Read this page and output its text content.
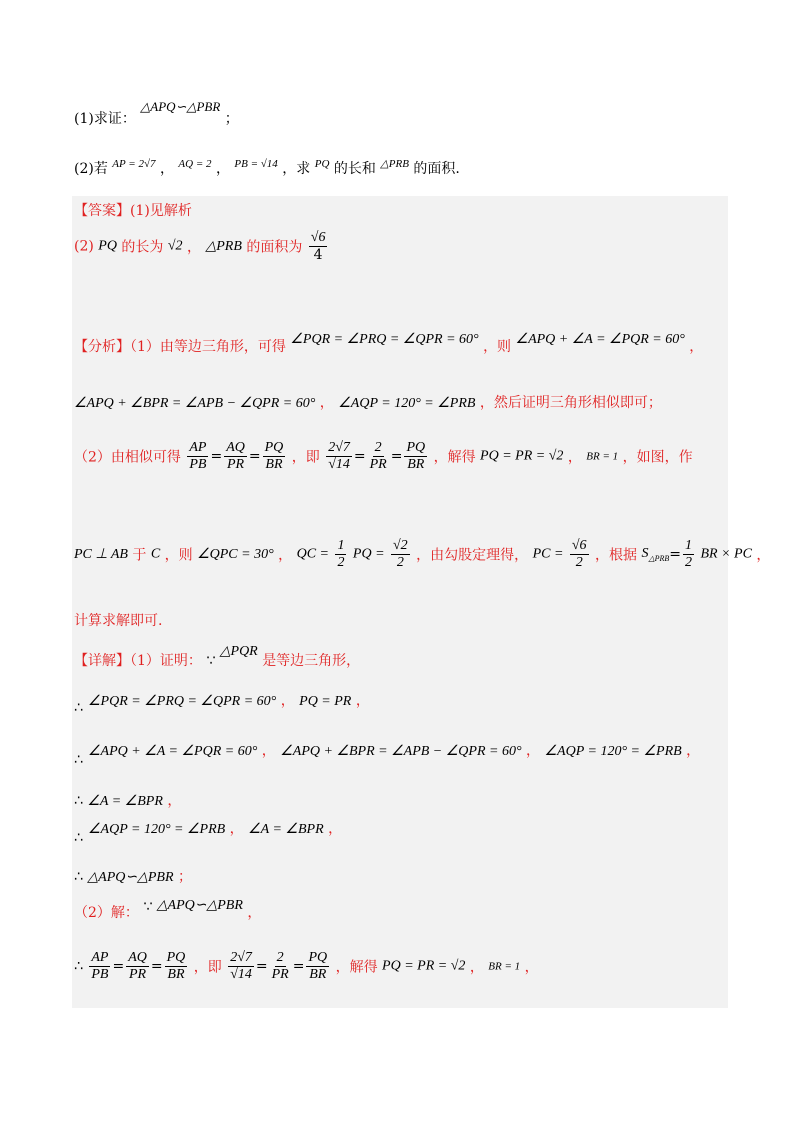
(1)求证： △APQ∽△PBR ；
(2)若 $^{AP = 2√7}$ ， $^{AQ = 2}$ ， $^{PB = √14}$ ，求 $^{PQ}$ 的长和 $^{\triangle PRB}$ 的面积.
【答案】(1)见解析
(2) PQ 的长为 √2 ， △PRB 的面积为 $\frac{√6}{4}$
【分析】（1）由等边三角形，可得 ∠PQR = ∠PRQ = ∠QPR = 60° ，则 ∠APQ + ∠A = ∠PQR = 60° ，
∠APQ + ∠BPR = ∠APB − ∠QPR = 60° ， ∠AQP = 120° = ∠PRB ，然后证明三角形相似即可；
（2）由相似可得 $\frac{AP}{PB} = \frac{AQ}{PR} = \frac{PQ}{BR}$ ，即 $\frac{2√7}{√14} = \frac{2}{PR} = \frac{PQ}{BR}$ ，解得 PQ = PR = √2 ， BR = 1 ，如图，作
PC ⊥ AB 于 C ，则 ∠QPC = 30° ， QC = $\frac{1}{2}$ PQ = $\frac{√2}{2}$ ，由勾股定理得， PC = $\frac{√6}{2}$ ，根据 $S_{\triangle PRB}= \frac{1}{2}$ BR × PC ，
计算求解即可.
【详解】（1）证明： ∵ △PQR 是等边三角形，
∠PQR = ∠PRQ = ∠QPR = 60° ， PQ = PR ，
∴
∠APQ + ∠A = ∠PQR = 60° ， ∠APQ + ∠BPR = ∠APB − ∠QPR = 60° ， ∠AQP = 120° = ∠PRB ，
∴
∴ ∠A = ∠BPR ，
∠AQP = 120° = ∠PRB ， ∠A = ∠BPR ，
∴
∴ △APQ∽△PBR ；
（2）解： ∵ △APQ∽△PBR ，
∴ $\frac{AP}{PB} = \frac{AQ}{PR} = \frac{PQ}{BR}$ ，即 $\frac{2√7}{√14} = \frac{2}{PR} = \frac{PQ}{BR}$ ，解得 PQ = PR = √2 ， BR = 1 ，
